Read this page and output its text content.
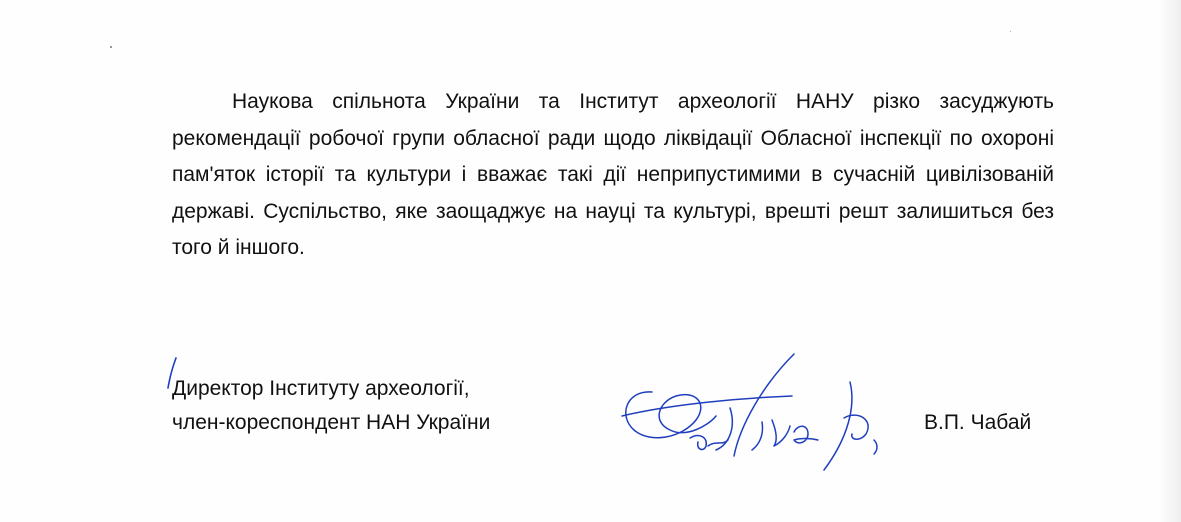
Наукова спільнота України та Інститут археології НАНУ різко засуджують рекомендації робочої групи обласної ради щодо ліквідації Обласної інспекції по охороні пам'яток історії та культури і вважає такі дії неприпустимими в сучасній цивілізованій державі. Суспільство, яке заощаджує на науці та культурі, врешті решт залишиться без того й іншого.

Директор Інституту археології,
член-кореспондент НАН України	В.П. Чабай
